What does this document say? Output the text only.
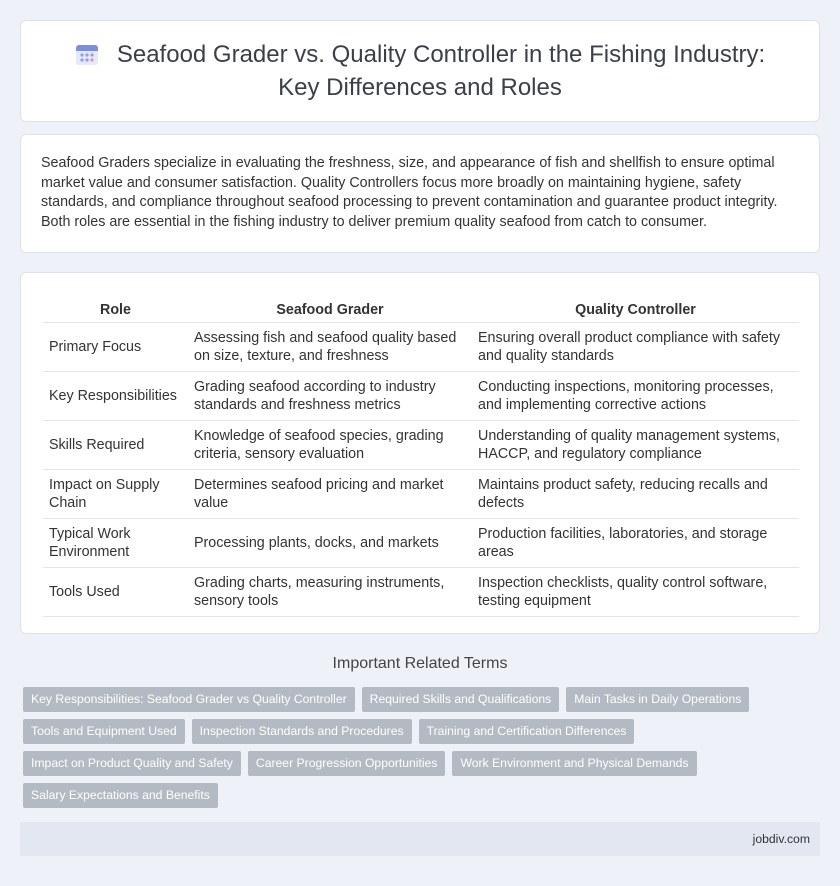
Seafood Grader vs. Quality Controller in the Fishing Industry: Key Differences and Roles

Seafood Graders specialize in evaluating the freshness, size, and appearance of fish and shellfish to ensure optimal market value and consumer satisfaction. Quality Controllers focus more broadly on maintaining hygiene, safety standards, and compliance throughout seafood processing to prevent contamination and guarantee product integrity. Both roles are essential in the fishing industry to deliver premium quality seafood from catch to consumer.

Role	Seafood Grader	Quality Controller
Primary Focus	Assessing fish and seafood quality based on size, texture, and freshness	Ensuring overall product compliance with safety and quality standards
Key Responsibilities	Grading seafood according to industry standards and freshness metrics	Conducting inspections, monitoring processes, and implementing corrective actions
Skills Required	Knowledge of seafood species, grading criteria, sensory evaluation	Understanding of quality management systems, HACCP, and regulatory compliance
Impact on Supply Chain	Determines seafood pricing and market value	Maintains product safety, reducing recalls and defects
Typical Work Environment	Processing plants, docks, and markets	Production facilities, laboratories, and storage areas
Tools Used	Grading charts, measuring instruments, sensory tools	Inspection checklists, quality control software, testing equipment
Important Related Terms
Key Responsibilities: Seafood Grader vs Quality Controller	Required Skills and Qualifications	Main Tasks in Daily Operations
Tools and Equipment Used	Inspection Standards and Procedures	Training and Certification Differences
Impact on Product Quality and Safety	Career Progression Opportunities	Work Environment and Physical Demands
Salary Expectations and Benefits
jobdiv.com
